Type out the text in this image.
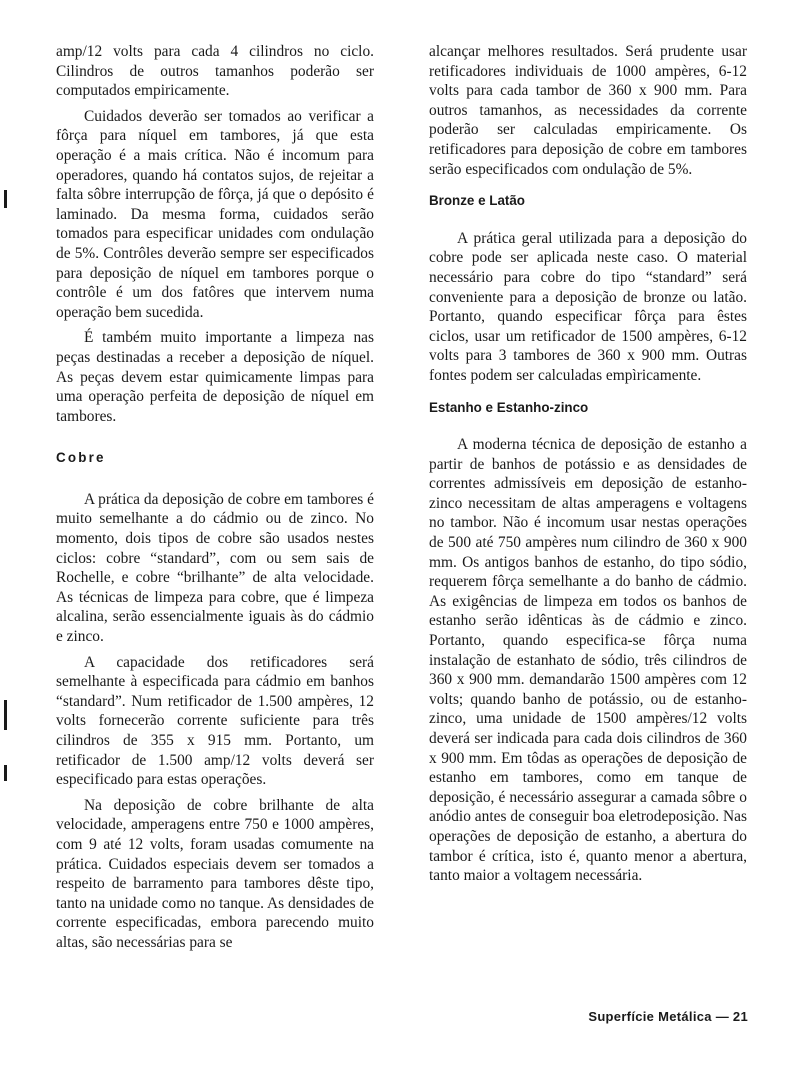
amp/12 volts para cada 4 cilindros no ciclo. Cilindros de outros tamanhos poderão ser computados empiricamente.

Cuidados deverão ser tomados ao verificar a fôrça para níquel em tambores, já que esta operação é a mais crítica. Não é incomum para operadores, quando há contatos sujos, de rejeitar a falta sôbre interrupção de fôrça, já que o depósito é laminado. Da mesma forma, cuidados serão tomados para especificar unidades com ondulação de 5%. Contrôles deverão sempre ser especificados para deposição de níquel em tambores porque o contrôle é um dos fatôres que intervem numa operação bem sucedida.

É também muito importante a limpeza nas peças destinadas a receber a deposição de níquel. As peças devem estar quimicamente limpas para uma operação perfeita de deposição de níquel em tambores.

Cobre

A prática da deposição de cobre em tambores é muito semelhante a do cádmio ou de zinco. No momento, dois tipos de cobre são usados nestes ciclos: cobre “standard”, com ou sem sais de Rochelle, e cobre “brilhante” de alta velocidade. As técnicas de limpeza para cobre, que é limpeza alcalina, serão essencialmente iguais às do cádmio e zinco.

A capacidade dos retificadores será semelhante à especificada para cádmio em banhos “standard”. Num retificador de 1.500 ampères, 12 volts fornecerão corrente suficiente para três cilindros de 355 x 915 mm. Portanto, um retificador de 1.500 amp/12 volts deverá ser especificado para estas operações.

Na deposição de cobre brilhante de alta velocidade, amperagens entre 750 e 1000 ampères, com 9 até 12 volts, foram usadas comumente na prática. Cuidados especiais devem ser tomados a respeito de barramento para tambores dêste tipo, tanto na unidade como no tanque. As densidades de corrente especificadas, embora parecendo muito altas, são necessárias para se

alcançar melhores resultados. Será prudente usar retificadores individuais de 1000 ampères, 6-12 volts para cada tambor de 360 x 900 mm. Para outros tamanhos, as necessidades da corrente poderão ser calculadas empiricamente. Os retificadores para deposição de cobre em tambores serão especificados com ondulação de 5%.

Bronze e Latão

A prática geral utilizada para a deposição do cobre pode ser aplicada neste caso. O material necessário para cobre do tipo “standard” será conveniente para a deposição de bronze ou latão. Portanto, quando especificar fôrça para êstes ciclos, usar um retificador de 1500 ampères, 6-12 volts para 3 tambores de 360 x 900 mm. Outras fontes podem ser calculadas empìricamente.

Estanho e Estanho-zinco

A moderna técnica de deposição de estanho a partir de banhos de potássio e as densidades de correntes admissíveis em deposição de estanho-zinco necessitam de altas amperagens e voltagens no tambor. Não é incomum usar nestas operações de 500 até 750 ampères num cilindro de 360 x 900 mm. Os antigos banhos de estanho, do tipo sódio, requerem fôrça semelhante a do banho de cádmio. As exigências de limpeza em todos os banhos de estanho serão idênticas às de cádmio e zinco. Portanto, quando especifica-se fôrça numa instalação de estanhato de sódio, três cilindros de 360 x 900 mm. demandarão 1500 ampères com 12 volts; quando banho de potássio, ou de estanho-zinco, uma unidade de 1500 ampères/12 volts deverá ser indicada para cada dois cilindros de 360 x 900 mm. Em tôdas as operações de deposição de estanho em tambores, como em tanque de deposição, é necessário assegurar a camada sôbre o anódio antes de conseguir boa eletrodeposição. Nas operações de deposição de estanho, a abertura do tambor é crítica, isto é, quanto menor a abertura, tanto maior a voltagem necessária.

Superfície Metálica — 21
